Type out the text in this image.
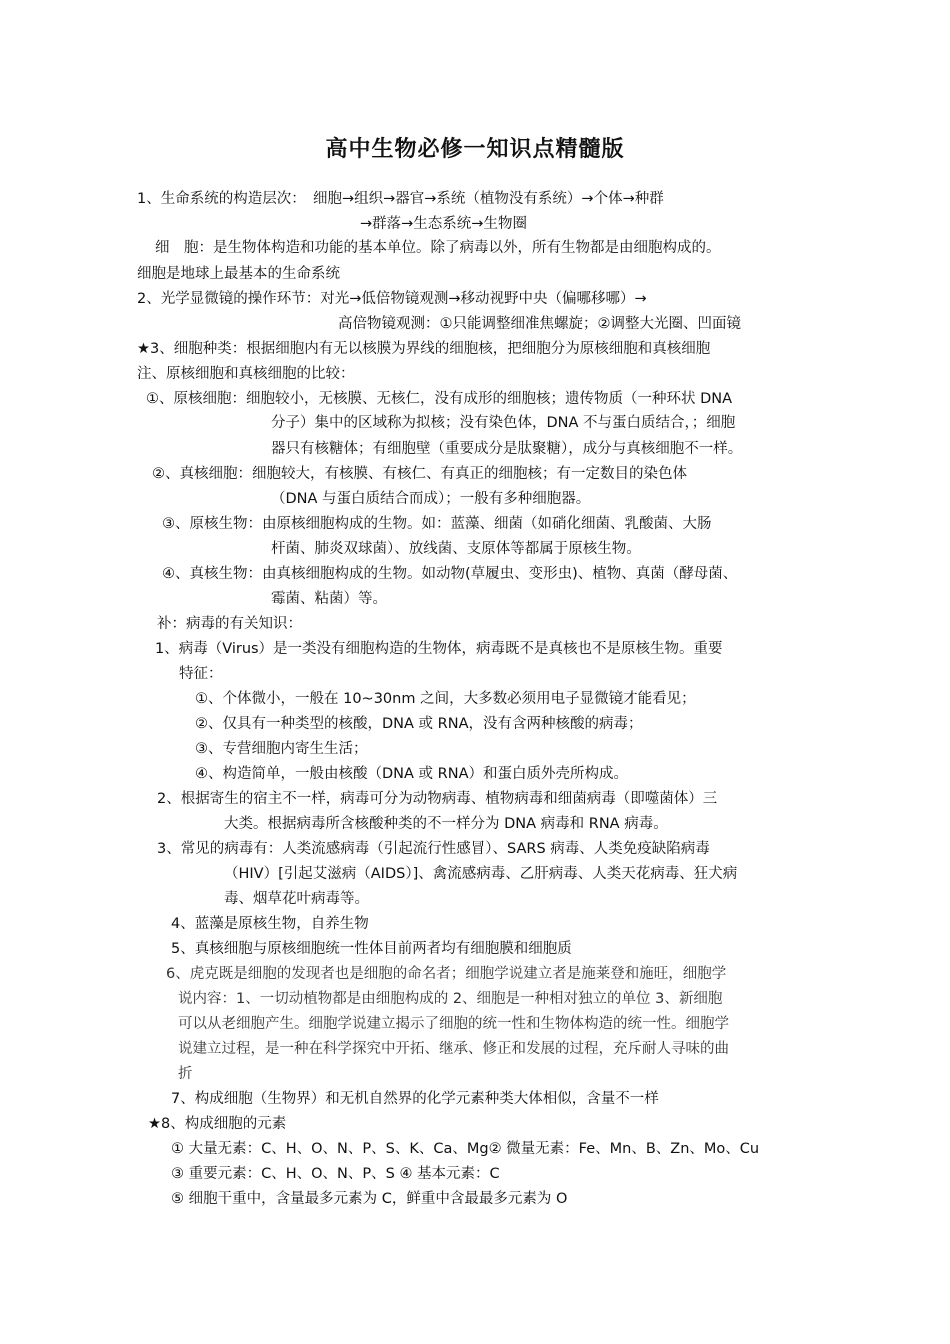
高中生物必修一知识点精髓版
1、生命系统的构造层次：　细胞→组织→器官→系统（植物没有系统）→个体→种群
→群落→生态系统→生物圈
细　胞：是生物体构造和功能的基本单位。除了病毒以外，所有生物都是由细胞构成的。
细胞是地球上最基本的生命系统
2、光学显微镜的操作环节：对光→低倍物镜观测→移动视野中央（偏哪移哪）→
高倍物镜观测：①只能调整细准焦螺旋；②调整大光圈、凹面镜
★3、细胞种类：根据细胞内有无以核膜为界线的细胞核，把细胞分为原核细胞和真核细胞
注、原核细胞和真核细胞的比较：
①、原核细胞：细胞较小，无核膜、无核仁，没有成形的细胞核；遗传物质（一种环状 DNA
分子）集中的区域称为拟核；没有染色体，DNA 不与蛋白质结合，；细胞
器只有核糖体；有细胞壁（重要成分是肽聚糖），成分与真核细胞不一样。
②、真核细胞：细胞较大，有核膜、有核仁、有真正的细胞核；有一定数目的染色体
（DNA 与蛋白质结合而成）；一般有多种细胞器。
③、原核生物：由原核细胞构成的生物。如：蓝藻、细菌（如硝化细菌、乳酸菌、大肠
杆菌、肺炎双球菌）、放线菌、支原体等都属于原核生物。
④、真核生物：由真核细胞构成的生物。如动物(草履虫、变形虫)、植物、真菌（酵母菌、
霉菌、粘菌）等。
补：病毒的有关知识：
1、病毒（Virus）是一类没有细胞构造的生物体，病毒既不是真核也不是原核生物。重要
特征：
①、个体微小，一般在 10~30nm 之间，大多数必须用电子显微镜才能看见；
②、仅具有一种类型的核酸，DNA 或 RNA，没有含两种核酸的病毒；
③、专营细胞内寄生生活；
④、构造简单，一般由核酸（DNA 或 RNA）和蛋白质外壳所构成。
2、根据寄生的宿主不一样，病毒可分为动物病毒、植物病毒和细菌病毒（即噬菌体）三
大类。根据病毒所含核酸种类的不一样分为 DNA 病毒和 RNA 病毒。
3、常见的病毒有：人类流感病毒（引起流行性感冒）、SARS 病毒、人类免疫缺陷病毒
（HIV）[引起艾滋病（AIDS）]、禽流感病毒、乙肝病毒、人类天花病毒、狂犬病
毒、烟草花叶病毒等。
4、蓝藻是原核生物，自养生物
5、真核细胞与原核细胞统一性体目前两者均有细胞膜和细胞质
6、虎克既是细胞的发现者也是细胞的命名者；细胞学说建立者是施莱登和施旺，细胞学
说内容：1、一切动植物都是由细胞构成的 2、细胞是一种相对独立的单位 3、新细胞
可以从老细胞产生。细胞学说建立揭示了细胞的统一性和生物体构造的统一性。细胞学
说建立过程，是一种在科学探究中开拓、继承、修正和发展的过程，充斥耐人寻味的曲
折
7、构成细胞（生物界）和无机自然界的化学元素种类大体相似，含量不一样
★8、构成细胞的元素
① 大量无素：C、H、O、N、P、S、K、Ca、Mg② 微量无素：Fe、Mn、B、Zn、Mo、Cu
③ 重要元素：C、H、O、N、P、S ④ 基本元素：C
⑤ 细胞干重中，含量最多元素为 C，鲜重中含最最多元素为 O
